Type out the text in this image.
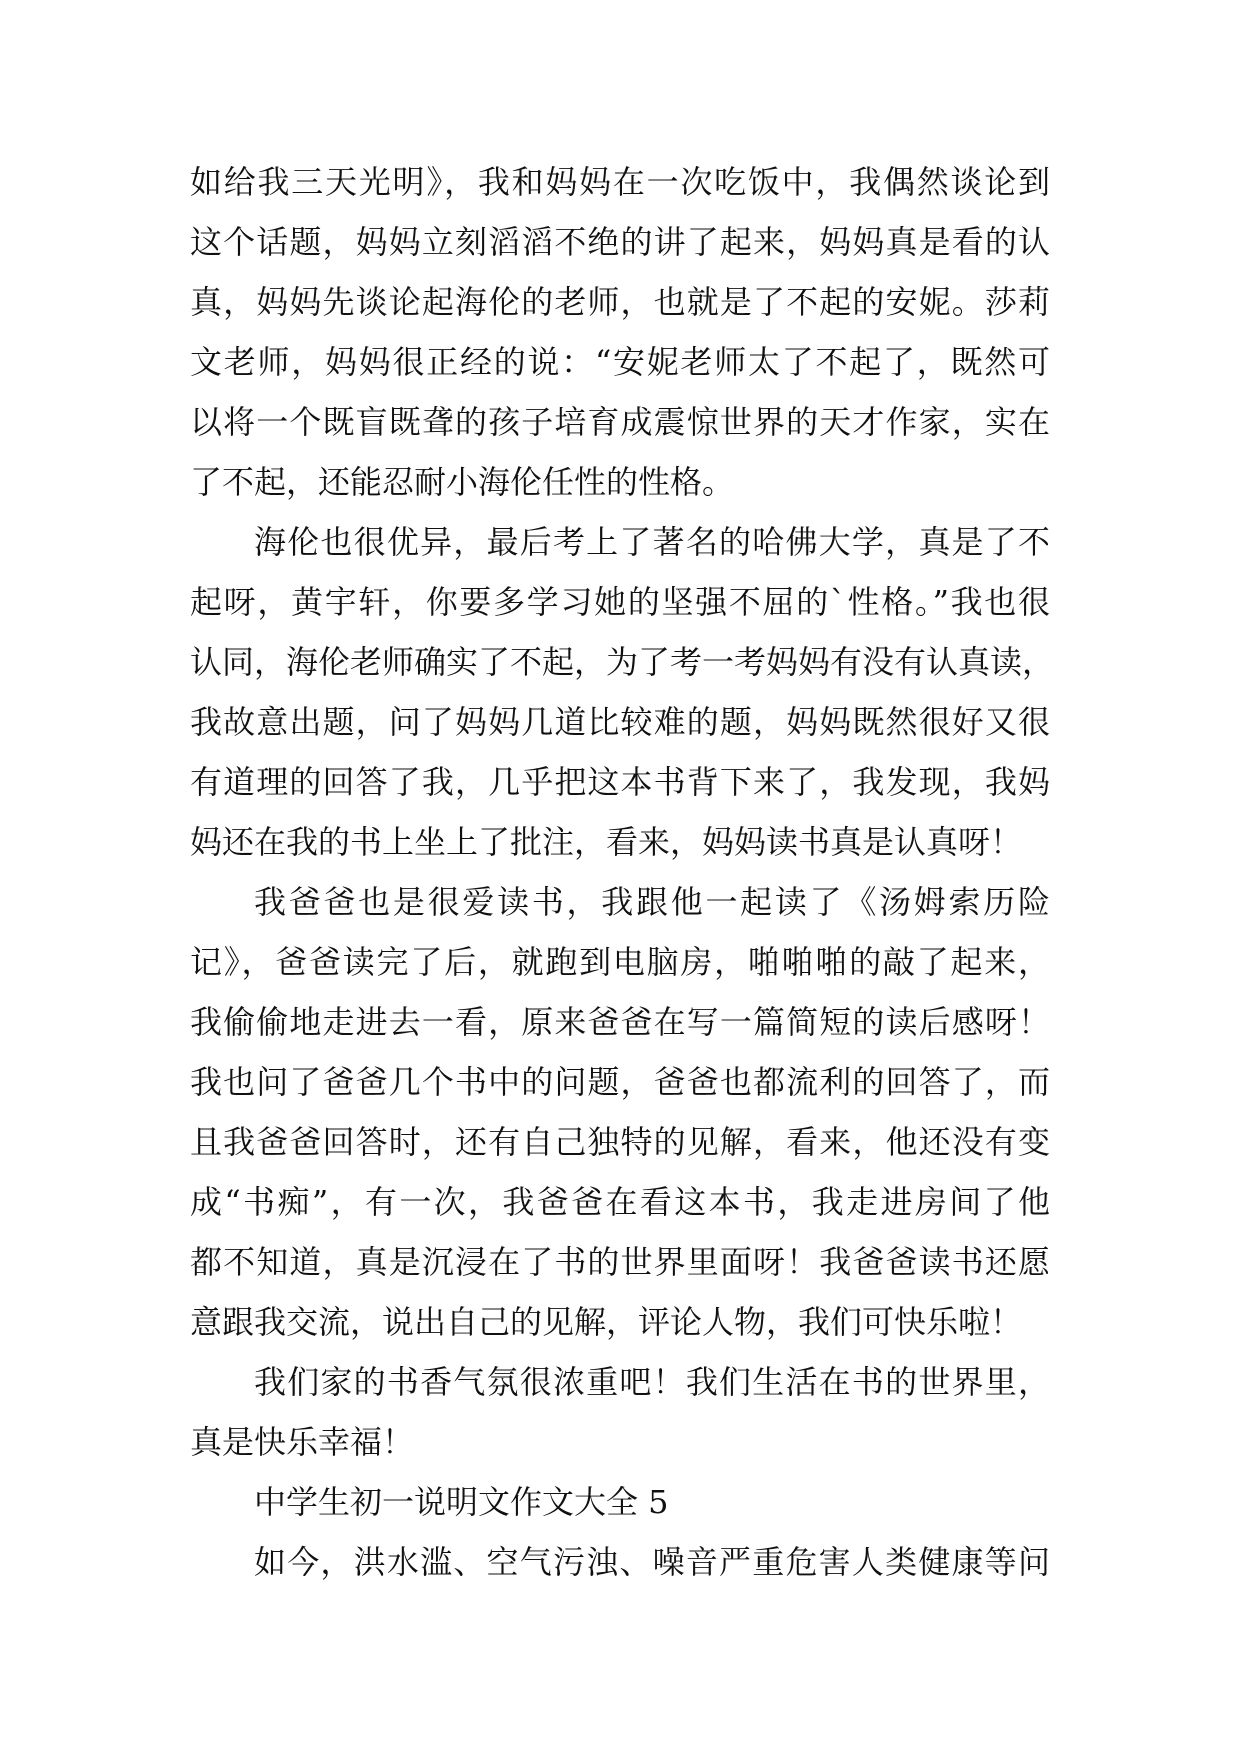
如给我三天光明》，我和妈妈在一次吃饭中，我偶然谈论到
这个话题，妈妈立刻滔滔不绝的讲了起来，妈妈真是看的认
真，妈妈先谈论起海伦的老师，也就是了不起的安妮。莎莉
文老师，妈妈很正经的说：“安妮老师太了不起了，既然可
以将一个既盲既聋的孩子培育成震惊世界的天才作家，实在
了不起，还能忍耐小海伦任性的性格。
海伦也很优异，最后考上了著名的哈佛大学，真是了不
起呀，黄宇轩，你要多学习她的坚强不屈的`性格。”我也很
认同，海伦老师确实了不起，为了考一考妈妈有没有认真读，
我故意出题，问了妈妈几道比较难的题，妈妈既然很好又很
有道理的回答了我，几乎把这本书背下来了，我发现，我妈
妈还在我的书上坐上了批注，看来，妈妈读书真是认真呀！
我爸爸也是很爱读书，我跟他一起读了《汤姆索历险
记》，爸爸读完了后，就跑到电脑房，啪啪啪的敲了起来，
我偷偷地走进去一看，原来爸爸在写一篇简短的读后感呀！
我也问了爸爸几个书中的问题，爸爸也都流利的回答了，而
且我爸爸回答时，还有自己独特的见解，看来，他还没有变
成“书痴”，有一次，我爸爸在看这本书，我走进房间了他
都不知道，真是沉浸在了书的世界里面呀！我爸爸读书还愿
意跟我交流，说出自己的见解，评论人物，我们可快乐啦！
我们家的书香气氛很浓重吧！我们生活在书的世界里，
真是快乐幸福！
中学生初一说明文作文大全 5
如今，洪水滥、空气污浊、噪音严重危害人类健康等问
